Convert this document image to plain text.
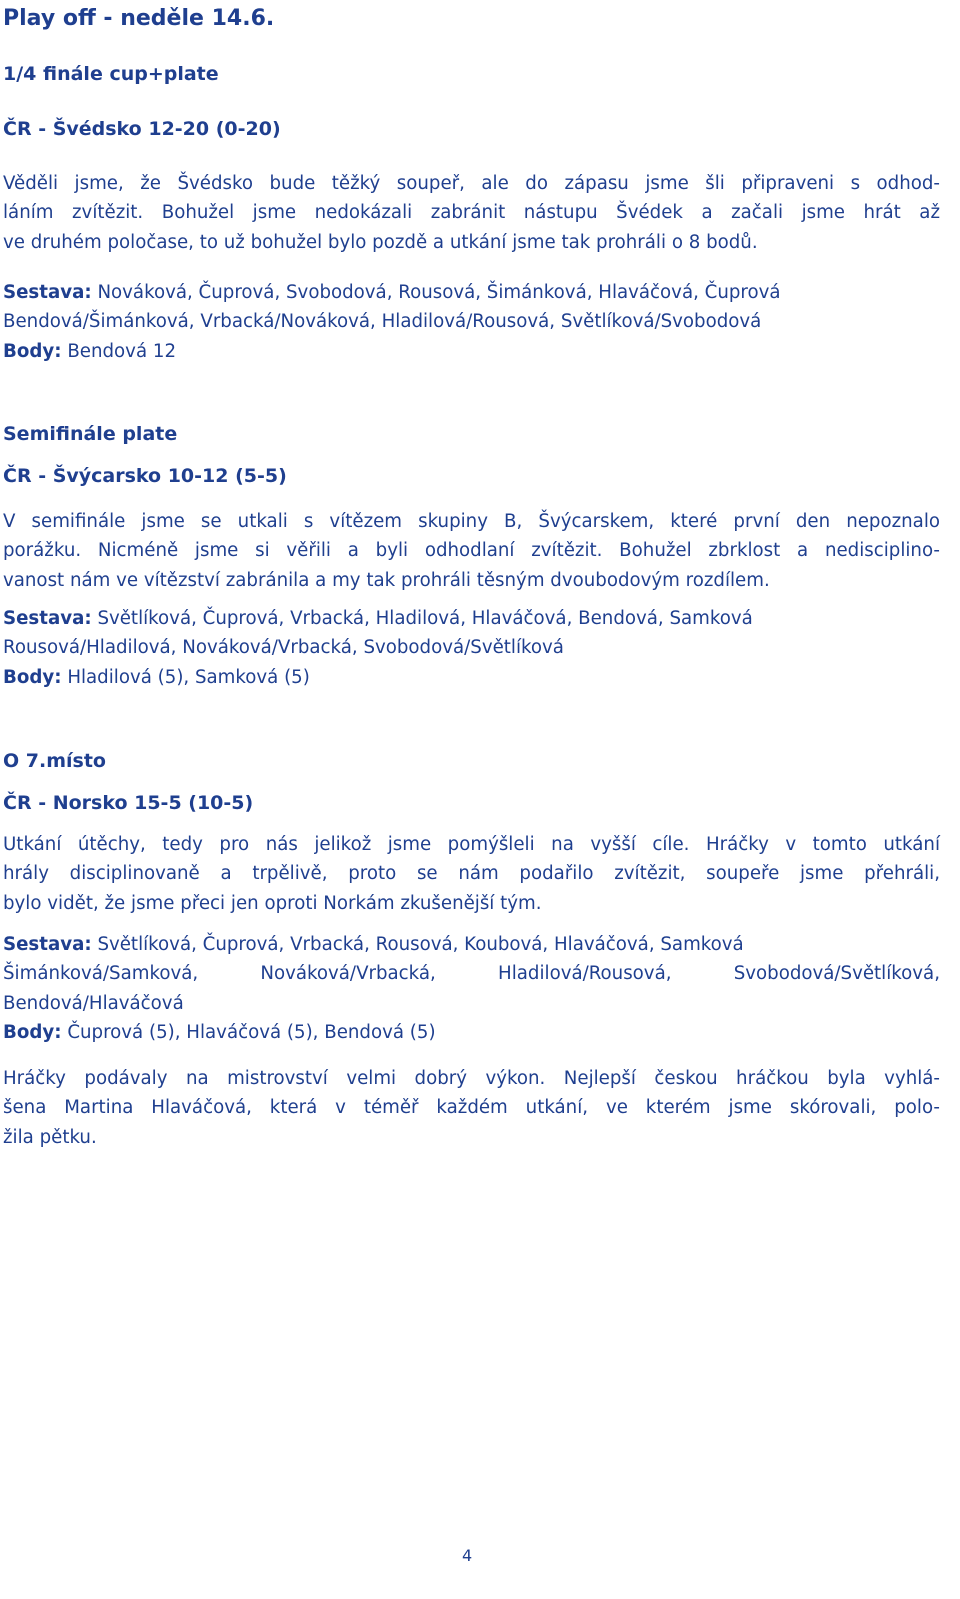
Play off - neděle 14.6.
1/4 finále cup+plate
ČR - Švédsko 12-20 (0-20)
Věděli jsme, že Švédsko bude těžký soupeř, ale do zápasu jsme šli připraveni s odhod-
láním zvítězit. Bohužel jsme nedokázali zabránit nástupu Švédek a začali jsme hrát až
ve druhém poločase, to už bohužel bylo pozdě a utkání jsme tak prohráli o 8 bodů.
Sestava: Nováková, Čuprová, Svobodová, Rousová, Šimánková, Hlaváčová, Čuprová
Bendová/Šimánková, Vrbacká/Nováková, Hladilová/Rousová, Světlíková/Svobodová
Body: Bendová 12
Semifinále plate
ČR - Švýcarsko 10-12 (5-5)
V semifinále jsme se utkali s vítězem skupiny B, Švýcarskem, které první den nepoznalo
porážku. Nicméně jsme si věřili a byli odhodlaní zvítězit. Bohužel zbrklost a nedisciplino-
vanost nám ve vítězství zabránila a my tak prohráli těsným dvoubodovým rozdílem.
Sestava: Světlíková, Čuprová, Vrbacká, Hladilová, Hlaváčová, Bendová, Samková
Rousová/Hladilová, Nováková/Vrbacká, Svobodová/Světlíková
Body: Hladilová (5), Samková (5)
O 7.místo
ČR - Norsko 15-5 (10-5)
Utkání útěchy, tedy pro nás jelikož jsme pomýšleli na vyšší cíle. Hráčky v tomto utkání
hrály disciplinovaně a trpělivě, proto se nám podařilo zvítězit, soupeře jsme přehráli,
bylo vidět, že jsme přeci jen oproti Norkám zkušenější tým.
Sestava: Světlíková, Čuprová, Vrbacká, Rousová, Koubová, Hlaváčová, Samková
Šimánková/Samková, Nováková/Vrbacká, Hladilová/Rousová, Svobodová/Světlíková,
Bendová/Hlaváčová
Body: Čuprová (5), Hlaváčová (5), Bendová (5)
Hráčky podávaly na mistrovství velmi dobrý výkon. Nejlepší českou hráčkou byla vyhlá-
šena Martina Hlaváčová, která v téměř každém utkání, ve kterém jsme skórovali, polo-
žila pětku.
4
